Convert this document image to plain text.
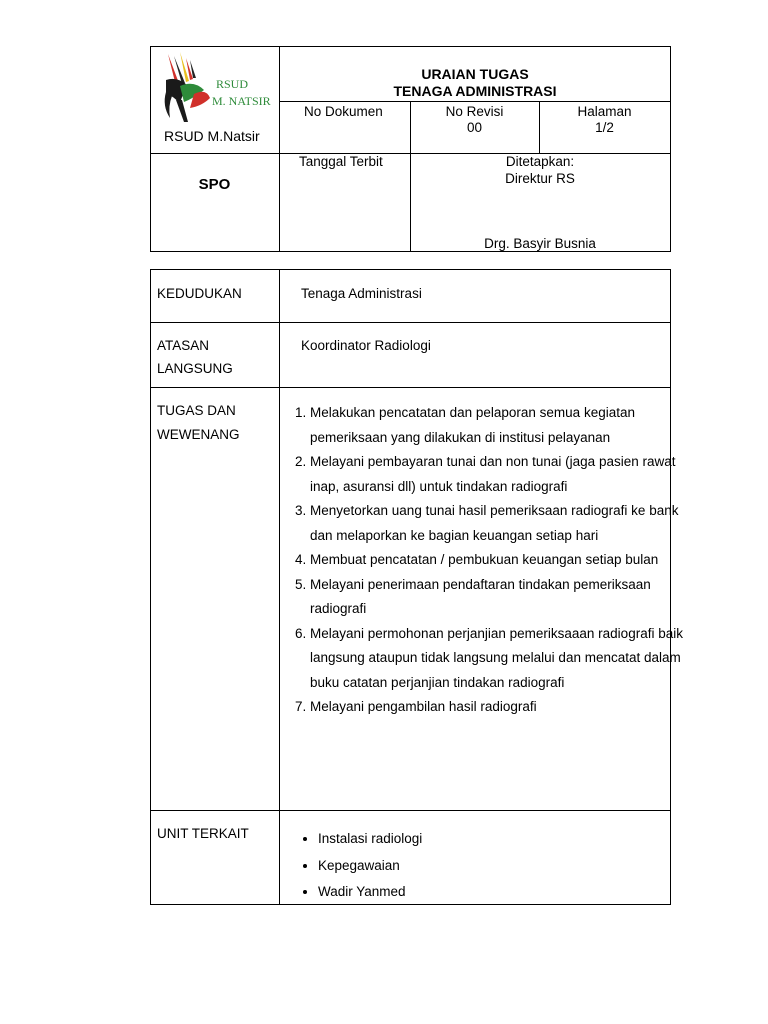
RSUD
M. NATSIR
RSUD M.Natsir
URAIAN TUGAS
TENAGA ADMINISTRASI
No Dokumen	No Revisi
00
Halaman
1/2
SPO
Tanggal Terbit	Ditetapkan:
Direktur RS
Drg. Basyir Busnia
KEDUDUKAN	Tenaga Administrasi
ATASAN
LANGSUNG
Koordinator Radiologi
TUGAS DAN
WEWENANG
1. Melakukan pencatatan dan pelaporan semua kegiatan pemeriksaan yang dilakukan di institusi pelayanan
2. Melayani pembayaran tunai dan non tunai (jaga pasien rawat inap, asuransi dll) untuk tindakan radiografi
3. Menyetorkan uang tunai hasil pemeriksaan radiografi ke bank dan melaporkan ke bagian keuangan setiap hari
4. Membuat pencatatan / pembukuan keuangan setiap bulan
5. Melayani penerimaan pendaftaran tindakan pemeriksaan radiografi
6. Melayani permohonan perjanjian pemeriksaaan radiografi baik langsung ataupun tidak langsung melalui dan mencatat dalam buku catatan perjanjian tindakan radiografi
7. Melayani pengambilan hasil radiografi
UNIT TERKAIT
•	Instalasi radiologi
• Kepegawaian
• Wadir Yanmed
